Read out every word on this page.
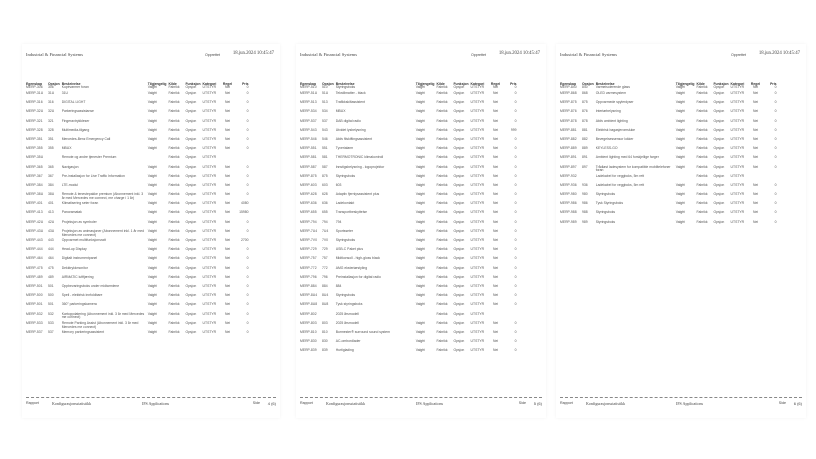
Industrial & Financial Systems	Opprettet	18.jun.2024 10:45:47
Egenskap	Opsjon	Beskrivelse	Tilgjengelig	Kilde	Funksjon	Kategori	Regel	Pris
MERP-306	306	Kupévarmer foran	Valgfri	Fabrikk	Opsjon	UTSTYR	Nei	0
MERP-31U	31U	31U	Valgfri	Fabrikk	Opsjon	UTSTYR	Nei	0
MERP-316	316	DIGITAL LIGHT	Valgfri	Fabrikk	Opsjon	UTSTYR	Nei	0
MERP-32U	32U	Parkeringsassistanse	Valgfri	Fabrikk	Opsjon	UTSTYR	Nei	0
MERP-321	321	Fingeravtrykkleser	Valgfri	Fabrikk	Opsjon	UTSTYR	Nei	0
MERP-328	328	Multimedia-tilgang	Valgfri	Fabrikk	Opsjon	UTSTYR	Nei	0
MERP-351	351	Mercedes-Benz Emergency Call	Valgfri	Fabrikk	Opsjon	UTSTYR	Nei	0
MERP-355	355	MBUX	Valgfri	Fabrikk	Opsjon	UTSTYR	Nei	0
MERP-35U		Remote og andre tjenester Premium		Fabrikk	Opsjon	UTSTYR		
MERP-365	365	Navigasjon	Valgfri	Fabrikk	Opsjon	UTSTYR	Nei	0
MERP-367	367	Pre-installasjon for Live Traffic Information	Valgfri	Fabrikk	Opsjon	UTSTYR	Nei	0
MERP-384	384	LTE-modul	Valgfri	Fabrikk	Opsjon	UTSTYR	Nei	0
MERP-38U	38U	Remote & tenestepakke premium (Abonnement inkl. 3 år med Mercedes me connect, me charge i 1 år)	Valgfri	Fabrikk	Opsjon	UTSTYR	Nei	0
MERP-401	401	Klimatisering seter foran	Valgfri	Fabrikk	Opsjon	UTSTYR	Nei	4080
MERP-413	413	Panoramatak	Valgfri	Fabrikk	Opsjon	UTSTYR	Nei	15980
MERP-42U	42U	Projeksjon av symboler	Valgfri	Fabrikk	Opsjon	UTSTYR	Nei	0
MERP-43U	43U	Projeksjon av animasjoner (Abonnement inkl. 1 år med Mercedes me connect)	Valgfri	Fabrikk	Opsjon	UTSTYR	Nei	0
MERP-443	443	Oppvarmet multifunksjonsratt	Valgfri	Fabrikk	Opsjon	UTSTYR	Nei	2700
MERP-444	444	Head-up Display	Valgfri	Fabrikk	Opsjon	UTSTYR	Nei	0
MERP-464	464	Digitalt instrumentpanel	Valgfri	Fabrikk	Opsjon	UTSTYR	Nei	0
MERP-475	475	Dekktrykkmonitor	Valgfri	Fabrikk	Opsjon	UTSTYR	Nei	0
MERP-489	489	AIRMATIC luftfjæring	Valgfri	Fabrikk	Opsjon	UTSTYR	Nei	0
MERP-501	501	Oppbevaringsboks under midtarmlene	Valgfri	Fabrikk	Opsjon	UTSTYR	Nei	0
MERP-500	500	Speil - elektrisk innfoldbare	Valgfri	Fabrikk	Opsjon	UTSTYR	Nei	0
MERP-501	501	360° parkeringskamera	Valgfri	Fabrikk	Opsjon	UTSTYR	Nei	0
MERP-532	532	Kartoppdatering (Abonnement inkl. 3 år med Mercedes me connect)	Valgfri	Fabrikk	Opsjon	UTSTYR	Nei	0
MERP-533	533	Remote Parking Assist (Abonnement inkl. 3 år med Mercedes me connect)	Valgfri	Fabrikk	Opsjon	UTSTYR	Nei	0
MERP-537	537	Memory parkeringsassistent	Valgfri	Fabrikk	Opsjon	UTSTYR	Nei	0
Rapport	Konfigurasjonsstatistikk	IFS Applications	Side 4 (6)
Industrial & Financial Systems	Opprettet	18.jun.2024 10:45:47
Egenskap	Opsjon	Beskrivelse	Tilgjengelig	Kilde	Funksjon	Kategori	Regel	Pris
MERP-510	510	Styringsboks	Valgfri	Fabrikk	Opsjon	UTSTYR	Nei	0
MERP-51U	51U	Tekstilmatter - black	Valgfri	Fabrikk	Opsjon	UTSTYR	Nei	0
MERP-513	513	Trafikkskiltassistent	Valgfri	Fabrikk	Opsjon	UTSTYR	Nei	0
MERP-534	534	MBUX	Valgfri	Fabrikk	Opsjon	UTSTYR	Nei	0
MERP-537	537	DAB digital radio	Valgfri	Fabrikk	Opsjon	UTSTYR	Nei	0
MERP-543	543	Utvidet lysbelysning	Valgfri	Fabrikk	Opsjon	UTSTYR	Nei	999
MERP-546	546	Aktiv filskiftingsassistent	Valgfri	Fabrikk	Opsjon	UTSTYR	Nei	0
MERP-551	551	Tyverialarm	Valgfri	Fabrikk	Opsjon	UTSTYR	Nei	0
MERP-581	581	THERMOTRONIC klimakontroll	Valgfri	Fabrikk	Opsjon	UTSTYR	Nei	0
MERP-587	587	Innstigsbelysning - logoprojektor	Valgfri	Fabrikk	Opsjon	UTSTYR	Nei	0
MERP-875	875	Styringsboks	Valgfri	Fabrikk	Opsjon	UTSTYR	Nei	0
MERP-603	603	603	Valgfri	Fabrikk	Opsjon	UTSTYR	Nei	0
MERP-628	628	Adaptiv fjernlysassistent plus	Valgfri	Fabrikk	Opsjon	UTSTYR	Nei	0
MERP-636	636	Ladekontakt	Valgfri	Fabrikk	Opsjon	UTSTYR	Nei	0
MERP-655	655	Transportbeskyttelse	Valgfri	Fabrikk	Opsjon	UTSTYR	Nei	0
MERP-794	794	794	Valgfri	Fabrikk	Opsjon	UTSTYR	Nei	0
MERP-7U4	7U4	Sportsseter	Valgfri	Fabrikk	Opsjon	UTSTYR	Nei	0
MERP-7V0	7V0	Styringsboks	Valgfri	Fabrikk	Opsjon	UTSTYR	Nei	0
MERP-729	729	USB-C Paket plus	Valgfri	Fabrikk	Opsjon	UTSTYR	Nei	0
MERP-757	757	Midtkonsoll - high-gloss black	Valgfri	Fabrikk	Opsjon	UTSTYR	Nei	0
MERP-772	772	AMG eksteriørstyling	Valgfri	Fabrikk	Opsjon	UTSTYR	Nei	0
MERP-796	796	Preinstallasjon for digital radio	Valgfri	Fabrikk	Opsjon	UTSTYR	Nei	0
MERP-884	884	884	Valgfri	Fabrikk	Opsjon	UTSTYR	Nei	0
MERP-8U4	8U4	Styringsboks	Valgfri	Fabrikk	Opsjon	UTSTYR	Nei	0
MERP-8U8	8U8	Tysk styringsboks	Valgfri	Fabrikk	Opsjon	UTSTYR	Nei	0
MERP-802		2025 årsmodell		Fabrikk	Opsjon	UTSTYR		
MERP-803	803	2025 årsmodell	Valgfri	Fabrikk	Opsjon	UTSTYR	Nei	0
MERP-810	810	Burmester® surround sound system	Valgfri	Fabrikk	Opsjon	UTSTYR	Nei	0
MERP-830	830	AC-ombordlader	Valgfri	Fabrikk	Opsjon	UTSTYR	Nei	0
MERP-839	839	Hurtiglading	Valgfri	Fabrikk	Opsjon	UTSTYR	Nei	0
Rapport	Konfigurasjonsstatistikk	IFS Applications	Side 5 (6)
Industrial & Financial Systems	Opprettet	18.jun.2024 10:45:47
Egenskap	Opsjon	Beskrivelse	Tilgjengelig	Kilde	Funksjon	Kategori	Regel	Pris
MERP-840	840	Varmeisolerende glass	Valgfri	Fabrikk	Opsjon	UTSTYR	Nei	0
MERP-868	868	OLED varmesystem	Valgfri	Fabrikk	Opsjon	UTSTYR	Nei	0
MERP-875	875	Oppvarmede spylerdyser	Valgfri	Fabrikk	Opsjon	UTSTYR	Nei	0
MERP-876	876	Interiørbelysning	Valgfri	Fabrikk	Opsjon	UTSTYR	Nei	0
MERP-878	878	Aktiv ambient lighting	Valgfri	Fabrikk	Opsjon	UTSTYR	Nei	0
MERP-881	881	Elektrisk bagasjeromsluke	Valgfri	Fabrikk	Opsjon	UTSTYR	Nei	0
MERP-882	882	Bevegelsessensor lokker	Valgfri	Fabrikk	Opsjon	UTSTYR	Nei	0
MERP-889	889	KEYLESS-GO	Valgfri	Fabrikk	Opsjon	UTSTYR	Nei	0
MERP-891	891	Ambient lighting med 64 forskjellige farger	Valgfri	Fabrikk	Opsjon	UTSTYR	Nei	0
MERP-897	897	Trådløst ladesystem for kompatible mobiltelefoner foran	Valgfri	Fabrikk	Opsjon	UTSTYR	Nei	0
MERP-932		Ladekabel for veggboks, 5m rett		Fabrikk	Opsjon	UTSTYR		
MERP-936	936	Ladekabel for veggboks, 5m rett	Valgfri	Fabrikk	Opsjon	UTSTYR	Nei	0
MERP-980	980	Styringsboks	Valgfri	Fabrikk	Opsjon	UTSTYR	Nei	0
MERP-986	986	Tysk Styringsboks	Valgfri	Fabrikk	Opsjon	UTSTYR	Nei	0
MERP-988	988	Styringsboks	Valgfri	Fabrikk	Opsjon	UTSTYR	Nei	0
MERP-989	989	Styringsboks	Valgfri	Fabrikk	Opsjon	UTSTYR	Nei	0
Rapport	Konfigurasjonsstatistikk	IFS Applications	Side 6 (6)
